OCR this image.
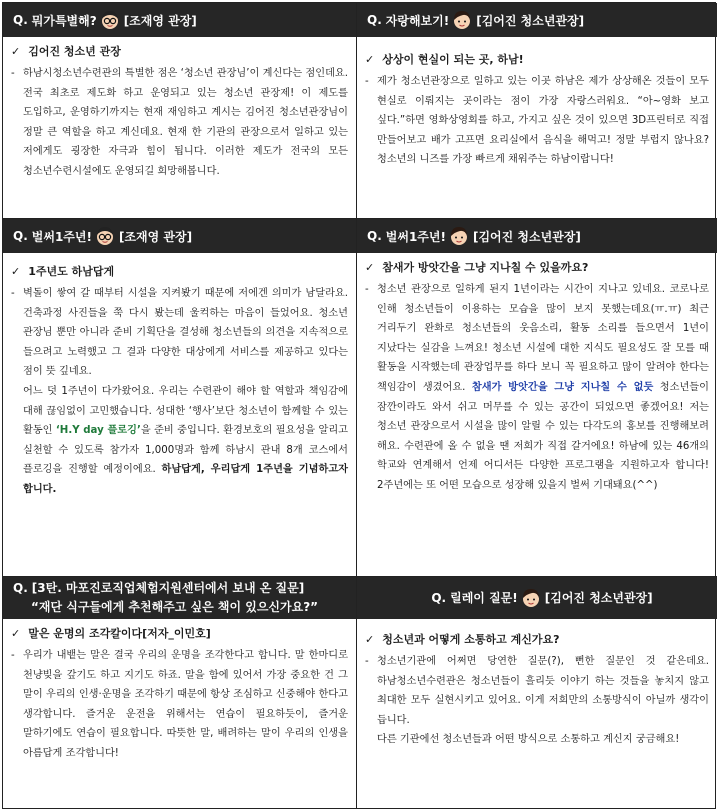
Q. 뭐가특별해? [조재영 관장]
✓ 김어진 청소년 관장

- 하남시청소년수련관의 특별한 점은 ‘청소년 관장님’이 계신다는 점인데요. 전국 최초로 제도화 하고 운영되고 있는 청소년 관장제! 이 제도를 도입하고, 운영하기까지는 현재 재임하고 계시는 김어진 청소년관장님이 정말 큰 역할을 하고 계신데요. 현재 한 기관의 관장으로서 일하고 있는 저에게도 굉장한 자극과 힘이 됩니다. 이러한 제도가 전국의 모든 청소년수련시설에도 운영되길 희망해봅니다.

Q. 자랑해보기! [김어진 청소년관장]
✓ 상상이 현실이 되는 곳, 하남!

- 제가 청소년관장으로 일하고 있는 이곳 하남은 제가 상상해온 것들이 모두 현실로 이뤄지는 곳이라는 점이 가장 자랑스러워요. “아~영화 보고 싶다.”하면 영화상영회를 하고, 가지고 싶은 것이 있으면 3D프린터로 직접 만들어보고 배가 고프면 요리실에서 음식을 해먹고! 정말 부럽지 않나요? 청소년의 니즈를 가장 빠르게 채워주는 하남이랍니다!

Q. 벌써1주년! [조재영 관장]
✓ 1주년도 하남답게

- 벽돌이 쌓여 갈 때부터 시설을 지켜봤기 때문에 저에겐 의미가 남달라요. 건축과정 사진들을 쭉 다시 봤는데 울컥하는 마음이 들었어요. 청소년 관장님 뿐만 아니라 준비 기획단을 결성해 청소년들의 의견을 지속적으로 들으려고 노력했고 그 결과 다양한 대상에게 서비스를 제공하고 있다는 점이 뜻 깊네요.

어느 덧 1주년이 다가왔어요. 우리는 수련관이 해야 할 역할과 책임감에 대해 끊임없이 고민했습니다. 성대한 ‘행사’보단 청소년이 함께할 수 있는 활동인 ‘H.Y day 플로깅’을 준비 중입니다. 환경보호의 필요성을 알리고 실천할 수 있도록 참가자 1,000명과 함께 하남시 관내 8개 코스에서 플로깅을 진행할 예정이에요. 하남답게, 우리답게 1주년을 기념하고자 합니다.

Q. 벌써1주년! [김어진 청소년관장]
✓ 참새가 방앗간을 그냥 지나칠 수 있을까요?

- 청소년 관장으로 일하게 된지 1년이라는 시간이 지나고 있네요. 코로나로 인해 청소년들이 이용하는 모습을 많이 보지 못했는데요(ㅠ.ㅠ) 최근 거리두기 완화로 청소년들의 웃음소리, 활동 소리를 들으면서 1년이 지났다는 실감을 느껴요! 청소년 시설에 대한 지식도 필요성도 잘 모를 때 활동을 시작했는데 관장업무를 하다 보니 꼭 필요하고 많이 알려야 한다는 책임감이 생겼어요. 참새가 방앗간을 그냥 지나칠 수 없듯 청소년들이 잠깐이라도 와서 쉬고 머무를 수 있는 공간이 되었으면 좋겠어요! 저는 청소년 관장으로서 시설을 많이 알릴 수 있는 다각도의 홍보를 진행해보려 해요. 수련관에 올 수 없을 땐 저희가 직접 갈거에요! 하남에 있는 46개의 학교와 연계해서 언제 어디서든 다양한 프로그램을 지원하고자 합니다! 2주년에는 또 어떤 모습으로 성장해 있을지 벌써 기대돼요(^^)

Q. [3탄. 마포진로직업체험지원센터에서 보내 온 질문]
“재단 식구들에게 추천해주고 싶은 책이 있으신가요?”
✓ 말은 운명의 조각칼이다[저자_이민호]

- 우리가 내뱉는 말은 결국 우리의 운명을 조각한다고 합니다. 말 한마디로 천냥빚을 갚기도 하고 지기도 하죠. 말을 함에 있어서 가장 중요한 건 그 말이 우리의 인생·운명을 조각하기 때문에 항상 조심하고 신중해야 한다고 생각합니다. 즐거운 운전을 위해서는 연습이 필요하듯이, 즐거운 말하기에도 연습이 필요합니다. 따뜻한 말, 배려하는 말이 우리의 인생을 아름답게 조각합니다!

Q. 릴레이 질문! [김어진 청소년관장]
✓ 청소년과 어떻게 소통하고 계신가요?

- 청소년기관에 어쩌면 당연한 질문(?), 뻔한 질문인 것 같은데요. 하남청소년수련관은 청소년들이 흘리듯 이야기 하는 것들을 놓치지 않고 최대한 모두 실현시키고 있어요. 이게 저희만의 소통방식이 아닐까 생각이 듭니다.

다른 기관에선 청소년들과 어떤 방식으로 소통하고 계신지 궁금해요!
